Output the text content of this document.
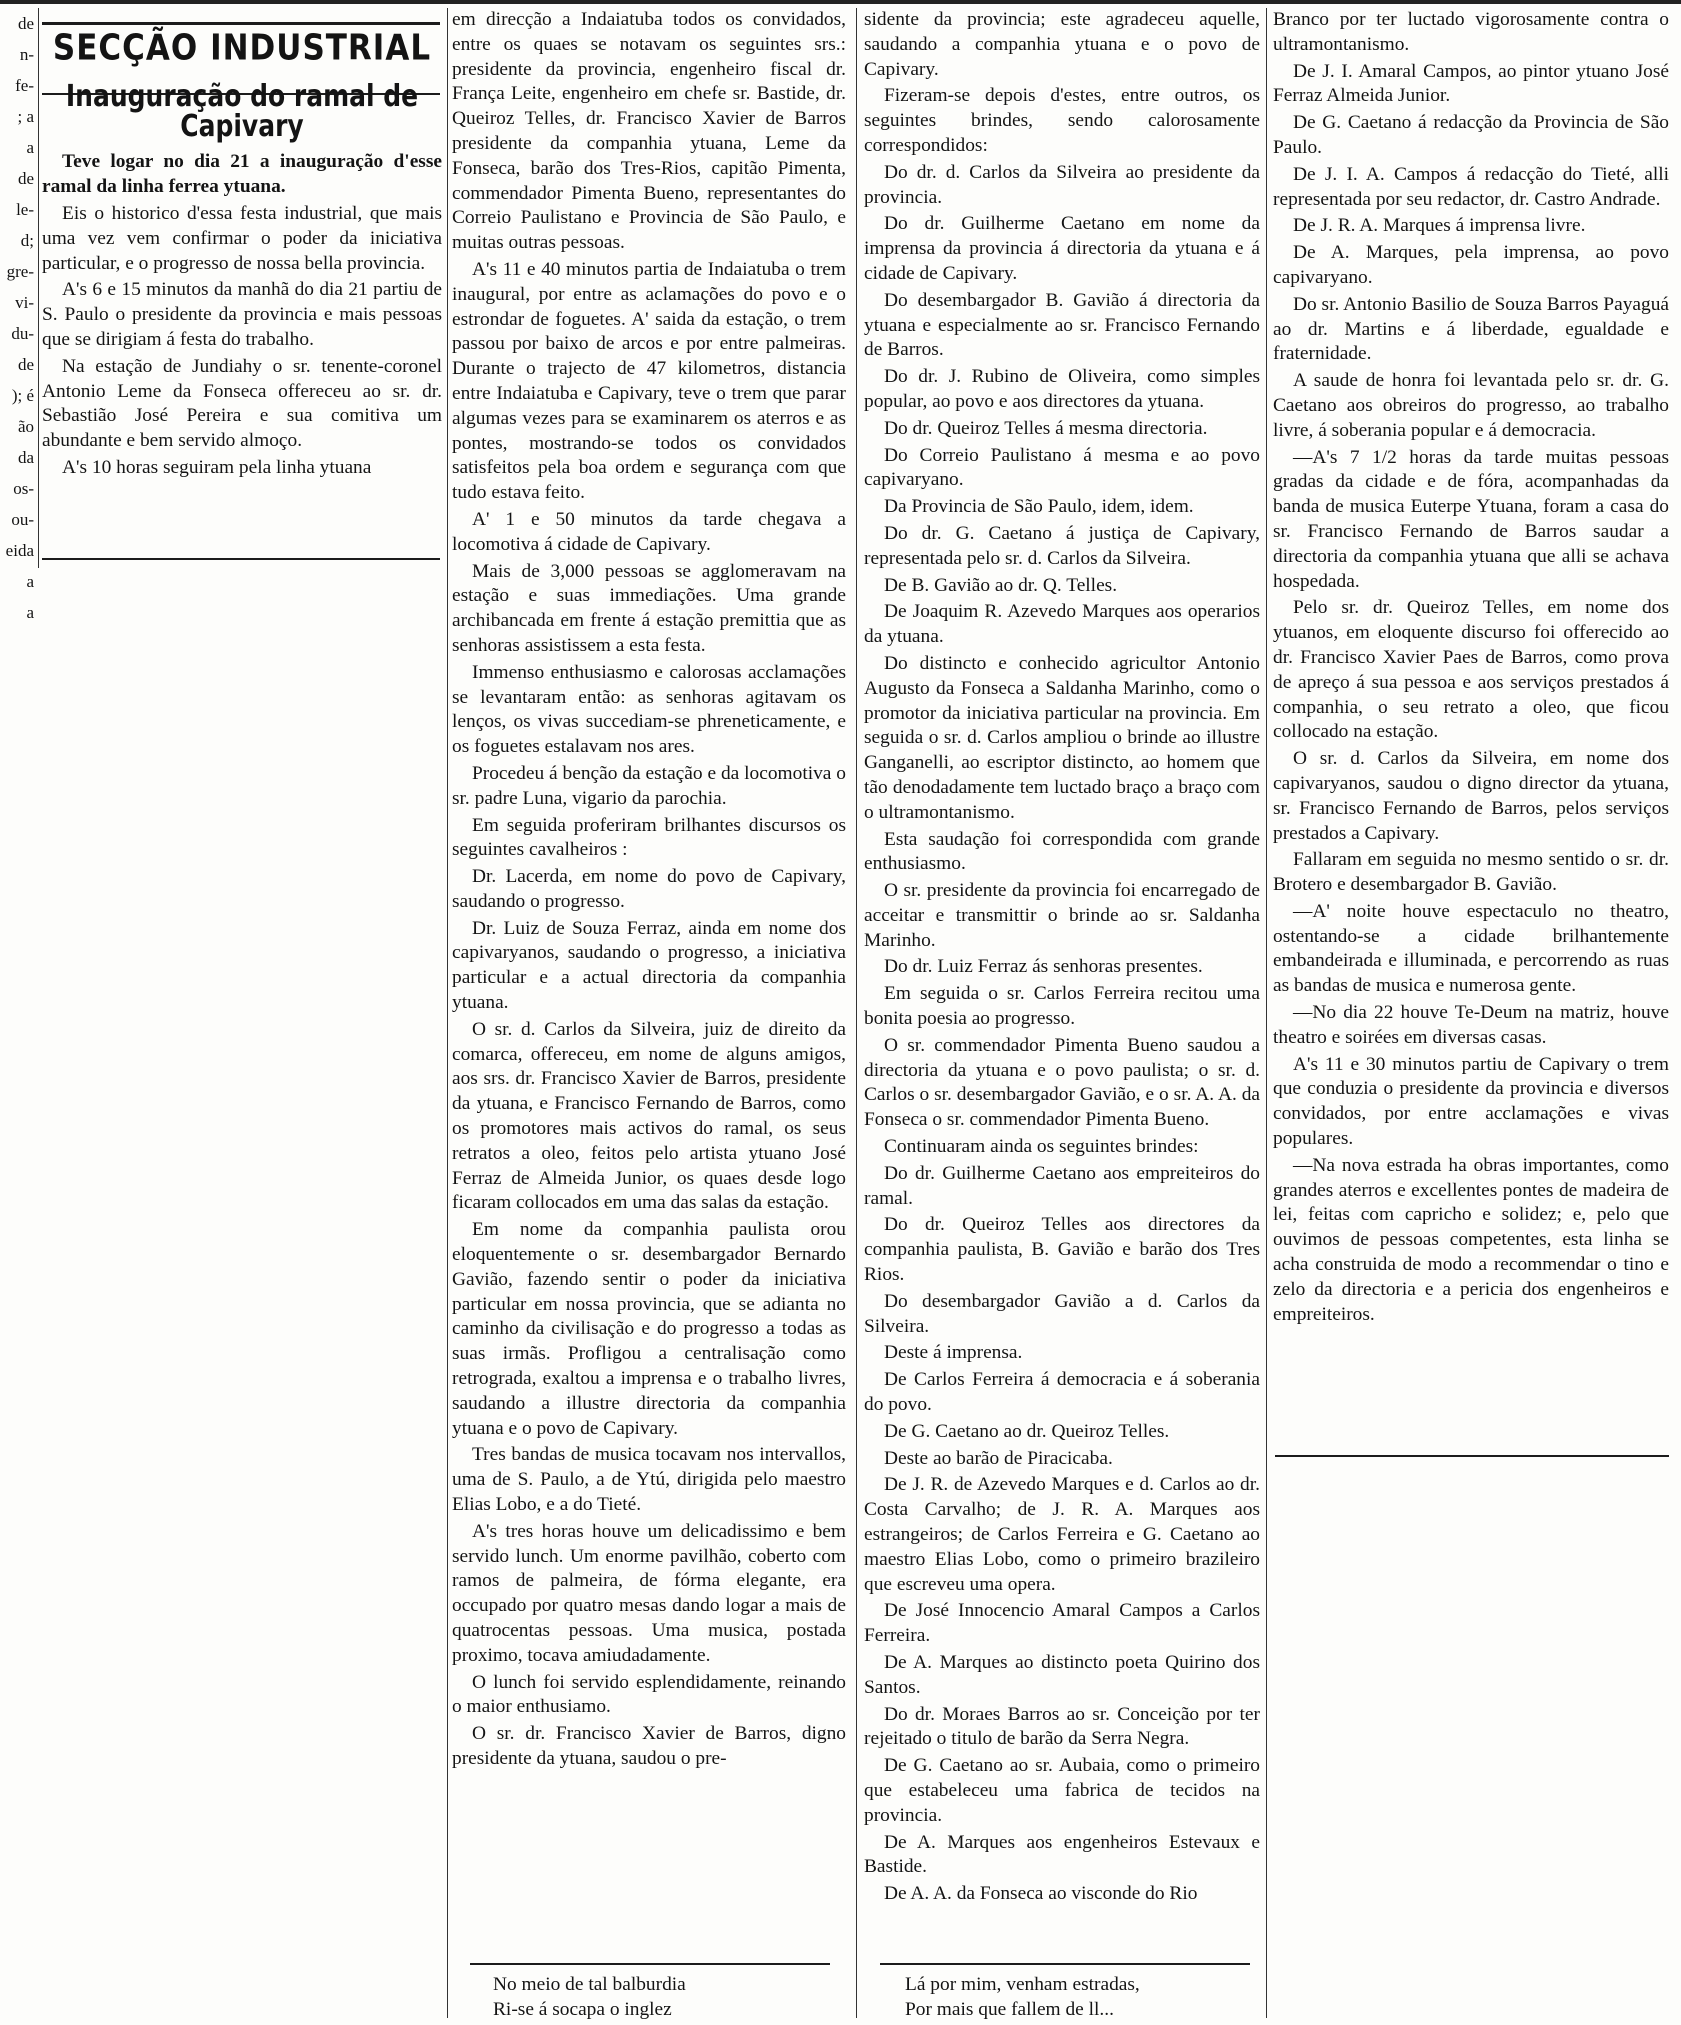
de
n-
fe-
; a
a
de
le-
d;
gre-
vi-
du-
de
); é
ão
da
os-
ou-
eida
a
a
SECÇÃO INDUSTRIAL
Inauguração do ramal de Capivary

Teve logar no dia 21 a inauguração d'esse ramal da linha ferrea ytuana.

Eis o historico d'essa festa industrial, que mais uma vez vem confirmar o poder da iniciativa particular, e o progresso de nossa bella provincia.

A's 6 e 15 minutos da manhã do dia 21 partiu de S. Paulo o presidente da provincia e mais pessoas que se dirigiam á festa do trabalho.

Na estação de Jundiahy o sr. tenente-coronel Antonio Leme da Fonseca offereceu ao sr. dr. Sebastião José Pereira e sua comitiva um abundante e bem servido almoço.

A's 10 horas seguiram pela linha ytuana

em direcção a Indaiatuba todos os convidados, entre os quaes se notavam os seguintes srs.: presidente da provincia, engenheiro fiscal dr. França Leite, engenheiro em chefe sr. Bastide, dr. Queiroz Telles, dr. Francisco Xavier de Barros presidente da companhia ytuana, Leme da Fonseca, barão dos Tres-Rios, capitão Pimenta, commendador Pimenta Bueno, representantes do Correio Paulistano e Provincia de São Paulo, e muitas outras pessoas.

A's 11 e 40 minutos partia de Indaiatuba o trem inaugural, por entre as aclamações do povo e o estrondar de foguetes. A' saida da estação, o trem passou por baixo de arcos e por entre palmeiras. Durante o trajecto de 47 kilometros, distancia entre Indaiatuba e Capivary, teve o trem que parar algumas vezes para se examinarem os aterros e as pontes, mostrando-se todos os convidados satisfeitos pela boa ordem e segurança com que tudo estava feito.

A' 1 e 50 minutos da tarde chegava a locomotiva á cidade de Capivary.

Mais de 3,000 pessoas se agglomeravam na estação e suas immediações. Uma grande archibancada em frente á estação premittia que as senhoras assistissem a esta festa.

Immenso enthusiasmo e calorosas acclamações se levantaram então: as senhoras agitavam os lenços, os vivas succediam-se phreneticamente, e os foguetes estalavam nos ares.

Procedeu á benção da estação e da locomotiva o sr. padre Luna, vigario da parochia.

Em seguida proferiram brilhantes discursos os seguintes cavalheiros :

Dr. Lacerda, em nome do povo de Capivary, saudando o progresso.

Dr. Luiz de Souza Ferraz, ainda em nome dos capivaryanos, saudando o progresso, a iniciativa particular e a actual directoria da companhia ytuana.

O sr. d. Carlos da Silveira, juiz de direito da comarca, offereceu, em nome de alguns amigos, aos srs. dr. Francisco Xavier de Barros, presidente da ytuana, e Francisco Fernando de Barros, como os promotores mais activos do ramal, os seus retratos a oleo, feitos pelo artista ytuano José Ferraz de Almeida Junior, os quaes desde logo ficaram collocados em uma das salas da estação.

Em nome da companhia paulista orou eloquentemente o sr. desembargador Bernardo Gavião, fazendo sentir o poder da iniciativa particular em nossa provincia, que se adianta no caminho da civilisação e do progresso a todas as suas irmãs. Profligou a centralisação como retrograda, exaltou a imprensa e o trabalho livres, saudando a illustre directoria da companhia ytuana e o povo de Capivary.

Tres bandas de musica tocavam nos intervallos, uma de S. Paulo, a de Ytú, dirigida pelo maestro Elias Lobo, e a do Tieté.

A's tres horas houve um delicadissimo e bem servido lunch. Um enorme pavilhão, coberto com ramos de palmeira, de fórma elegante, era occupado por quatro mesas dando logar a mais de quatrocentas pessoas. Uma musica, postada proximo, tocava amiudadamente.

O lunch foi servido esplendidamente, reinando o maior enthusiamo.

O sr. dr. Francisco Xavier de Barros, digno presidente da ytuana, saudou o pre-

sidente da provincia; este agradeceu aquelle, saudando a companhia ytuana e o povo de Capivary.

Fizeram-se depois d'estes, entre outros, os seguintes brindes, sendo calorosamente correspondidos:

Do dr. d. Carlos da Silveira ao presidente da provincia.

Do dr. Guilherme Caetano em nome da imprensa da provincia á directoria da ytuana e á cidade de Capivary.

Do desembargador B. Gavião á directoria da ytuana e especialmente ao sr. Francisco Fernando de Barros.

Do dr. J. Rubino de Oliveira, como simples popular, ao povo e aos directores da ytuana.

Do dr. Queiroz Telles á mesma directoria.

Do Correio Paulistano á mesma e ao povo capivaryano.

Da Provincia de São Paulo, idem, idem.

Do dr. G. Caetano á justiça de Capivary, representada pelo sr. d. Carlos da Silveira.

De B. Gavião ao dr. Q. Telles.

De Joaquim R. Azevedo Marques aos operarios da ytuana.

Do distincto e conhecido agricultor Antonio Augusto da Fonseca a Saldanha Marinho, como o promotor da iniciativa particular na provincia. Em seguida o sr. d. Carlos ampliou o brinde ao illustre Ganganelli, ao escriptor distincto, ao homem que tão denodadamente tem luctado braço a braço com o ultramontanismo.

Esta saudação foi correspondida com grande enthusiasmo.

O sr. presidente da provincia foi encarregado de acceitar e transmittir o brinde ao sr. Saldanha Marinho.

Do dr. Luiz Ferraz ás senhoras presentes.

Em seguida o sr. Carlos Ferreira recitou uma bonita poesia ao progresso.

O sr. commendador Pimenta Bueno saudou a directoria da ytuana e o povo paulista; o sr. d. Carlos o sr. desembargador Gavião, e o sr. A. A. da Fonseca o sr. commendador Pimenta Bueno.

Continuaram ainda os seguintes brindes:

Do dr. Guilherme Caetano aos empreiteiros do ramal.

Do dr. Queiroz Telles aos directores da companhia paulista, B. Gavião e barão dos Tres Rios.

Do desembargador Gavião a d. Carlos da Silveira.

Deste á imprensa.

De Carlos Ferreira á democracia e á soberania do povo.

De G. Caetano ao dr. Queiroz Telles.

Deste ao barão de Piracicaba.

De J. R. de Azevedo Marques e d. Carlos ao dr. Costa Carvalho; de J. R. A. Marques aos estrangeiros; de Carlos Ferreira e G. Caetano ao maestro Elias Lobo, como o primeiro brazileiro que escreveu uma opera.

De José Innocencio Amaral Campos a Carlos Ferreira.

De A. Marques ao distincto poeta Quirino dos Santos.

Do dr. Moraes Barros ao sr. Conceição por ter rejeitado o titulo de barão da Serra Negra.

De G. Caetano ao sr. Aubaia, como o primeiro que estabeleceu uma fabrica de tecidos na provincia.

De A. Marques aos engenheiros Estevaux e Bastide.

De A. A. da Fonseca ao visconde do Rio

Branco por ter luctado vigorosamente contra o ultramontanismo.

De J. I. Amaral Campos, ao pintor ytuano José Ferraz Almeida Junior.

De G. Caetano á redacção da Provincia de São Paulo.

De J. I. A. Campos á redacção do Tieté, alli representada por seu redactor, dr. Castro Andrade.

De J. R. A. Marques á imprensa livre.

De A. Marques, pela imprensa, ao povo capivaryano.

Do sr. Antonio Basilio de Souza Barros Payaguá ao dr. Martins e á liberdade, egualdade e fraternidade.

A saude de honra foi levantada pelo sr. dr. G. Caetano aos obreiros do progresso, ao trabalho livre, á soberania popular e á democracia.

—A's 7 1/2 horas da tarde muitas pessoas gradas da cidade e de fóra, acompanhadas da banda de musica Euterpe Ytuana, foram a casa do sr. Francisco Fernando de Barros saudar a directoria da companhia ytuana que alli se achava hospedada.

Pelo sr. dr. Queiroz Telles, em nome dos ytuanos, em eloquente discurso foi offerecido ao dr. Francisco Xavier Paes de Barros, como prova de apreço á sua pessoa e aos serviços prestados á companhia, o seu retrato a oleo, que ficou collocado na estação.

O sr. d. Carlos da Silveira, em nome dos capivaryanos, saudou o digno director da ytuana, sr. Francisco Fernando de Barros, pelos serviços prestados a Capivary.

Fallaram em seguida no mesmo sentido o sr. dr. Brotero e desembargador B. Gavião.

—A' noite houve espectaculo no theatro, ostentando-se a cidade brilhantemente embandeirada e illuminada, e percorrendo as ruas as bandas de musica e numerosa gente.

—No dia 22 houve Te-Deum na matriz, houve theatro e soirées em diversas casas.

A's 11 e 30 minutos partiu de Capivary o trem que conduzia o presidente da provincia e diversos convidados, por entre acclamações e vivas populares.

—Na nova estrada ha obras importantes, como grandes aterros e excellentes pontes de madeira de lei, feitas com capricho e solidez; e, pelo que ouvimos de pessoas competentes, esta linha se acha construida de modo a recommendar o tino e zelo da directoria e a pericia dos engenheiros e empreiteiros.

No meio de tal balburdia
Ri-se á socapa o inglez
Lá por mim, venham estradas,
Por mais que fallem de ll...
